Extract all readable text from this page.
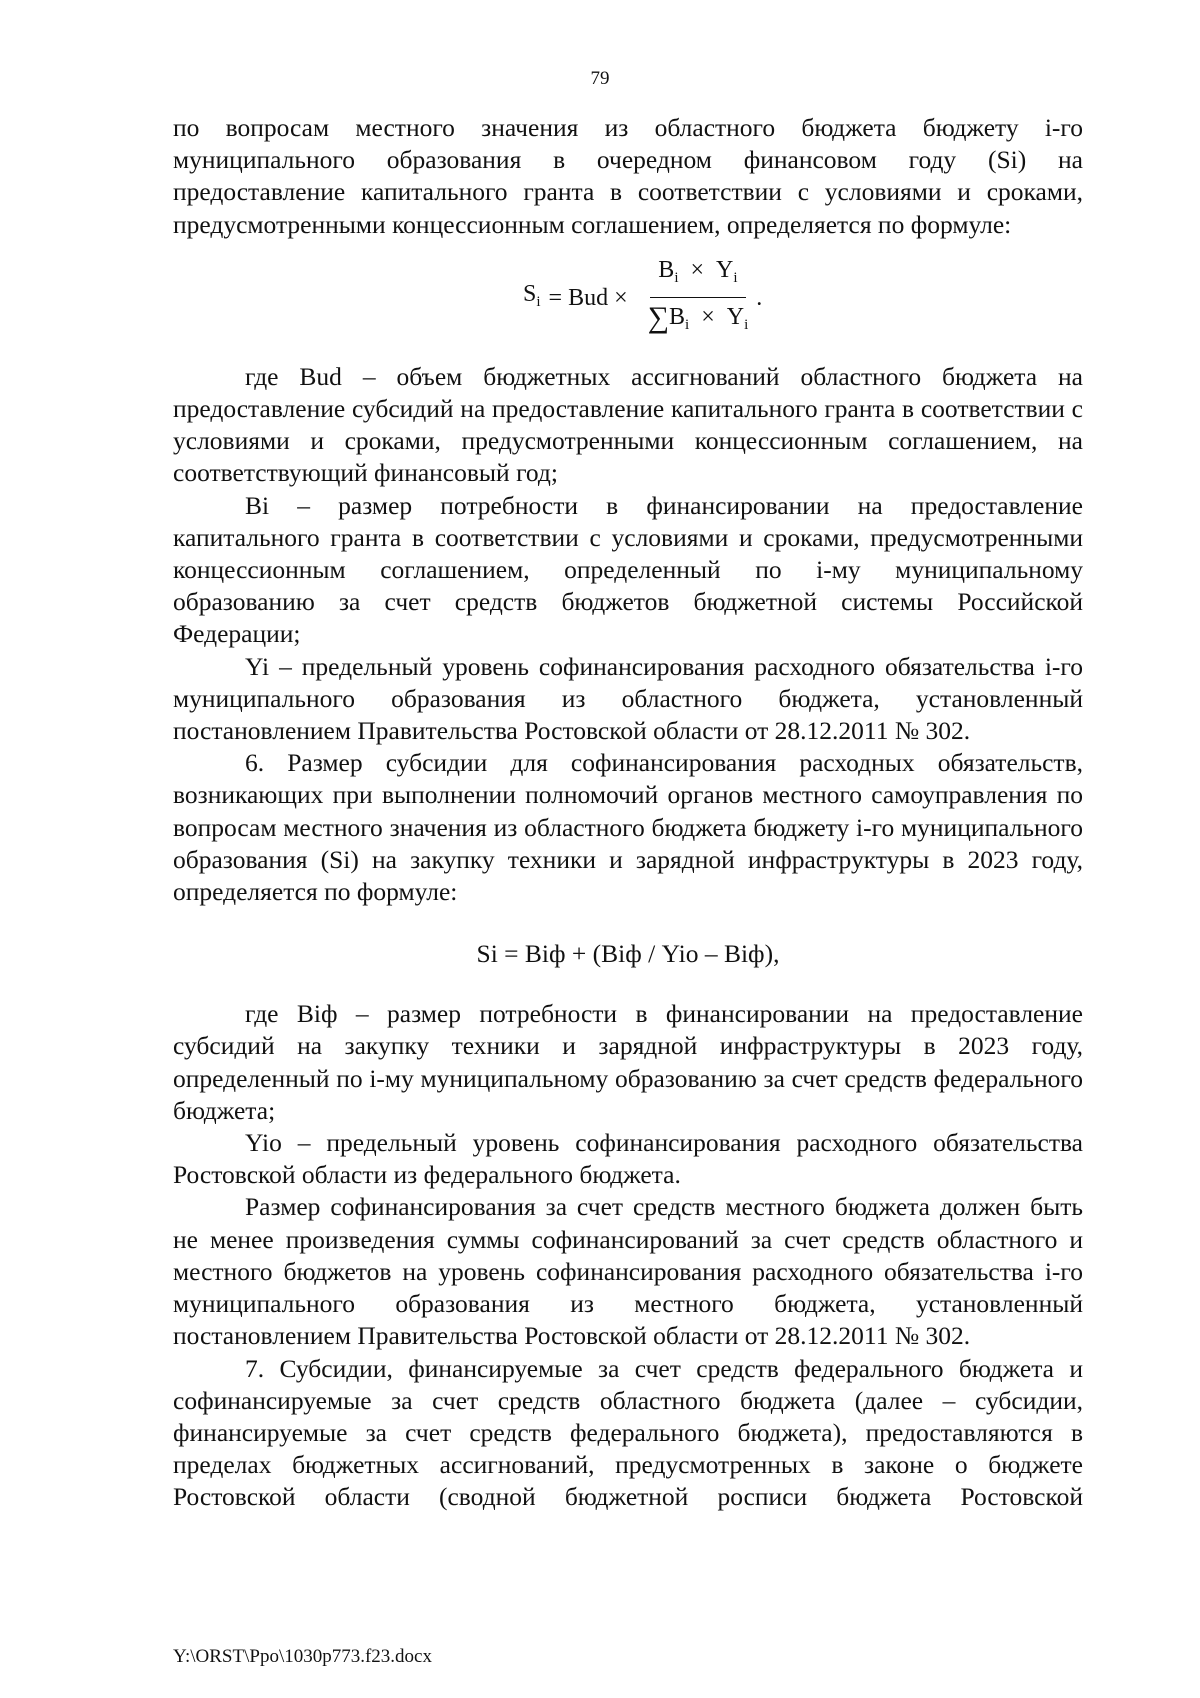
79

по вопросам местного значения из областного бюджета бюджету i-го муниципального образования в очередном финансовом году (Si) на предоставление капитального гранта в соответствии с условиями и сроками, предусмотренными концессионным соглашением, определяется по формуле:

$S_i$ = Bud × $\frac{B_i \times Y_i}{\sum B_i \times Y_i}$ .

где Bud – объем бюджетных ассигнований областного бюджета на предоставление субсидий на предоставление капитального гранта в соответствии с условиями и сроками, предусмотренными концессионным соглашением, на соответствующий финансовый год;

Вi – размер потребности в финансировании на предоставление капитального гранта в соответствии с условиями и сроками, предусмотренными концессионным соглашением, определенный по i-му муниципальному образованию за счет средств бюджетов бюджетной системы Российской Федерации;

Yi – предельный уровень софинансирования расходного обязательства i-го муниципального образования из областного бюджета, установленный постановлением Правительства Ростовской области от 28.12.2011 № 302.

6. Размер субсидии для софинансирования расходных обязательств, возникающих при выполнении полномочий органов местного самоуправления по вопросам местного значения из областного бюджета бюджету i-го муниципального образования (Si) на закупку техники и зарядной инфраструктуры в 2023 году, определяется по формуле:

Si = Вiф + (Вiф / Yio – Вiф),

где Вiф – размер потребности в финансировании на предоставление субсидий на закупку техники и зарядной инфраструктуры в 2023 году, определенный по i-му муниципальному образованию за счет средств федерального бюджета;

Yio – предельный уровень софинансирования расходного обязательства Ростовской области из федерального бюджета.

Размер софинансирования за счет средств местного бюджета должен быть не менее произведения суммы софинансирований за счет средств областного и местного бюджетов на уровень софинансирования расходного обязательства i-го муниципального образования из местного бюджета, установленный постановлением Правительства Ростовской области от 28.12.2011 № 302.

7. Субсидии, финансируемые за счет средств федерального бюджета и софинансируемые за счет средств областного бюджета (далее – субсидии, финансируемые за счет средств федерального бюджета), предоставляются в пределах бюджетных ассигнований, предусмотренных в законе о бюджете Ростовской области (сводной бюджетной росписи бюджета Ростовской

Y:\ORST\Ppo\1030p773.f23.docx
